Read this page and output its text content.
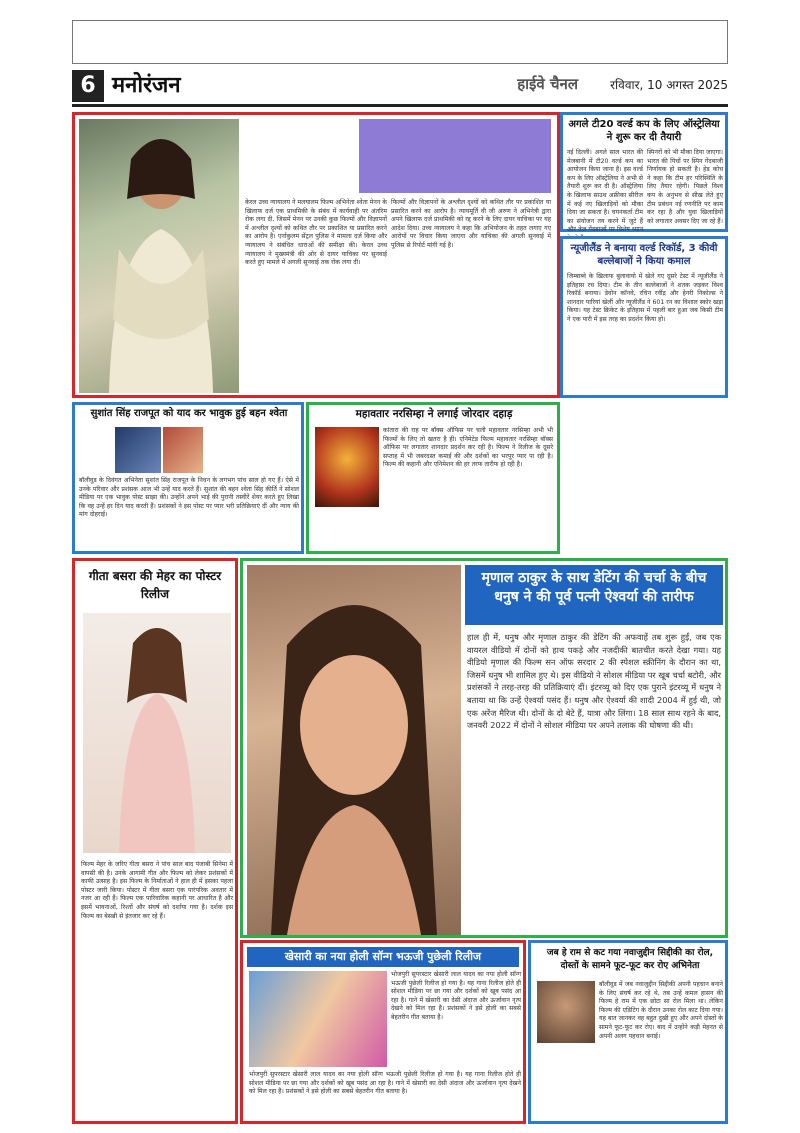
6 मनोरंजन	हाईवे चैनल	रविवार, 10 अगस्त 2025
केरल उच्च न्यायालय ने मलयालम फिल्म अभिनेता श्वेता मेनन के खिलाफ दर्ज एक प्राथमिकी के संबंध में कार्यवाही पर अंतरिम रोक लगा दी, जिसमें मेनन पर उनकी कुछ फिल्मों और विज्ञापनों में अश्लील दृश्यों को कथित तौर पर प्रकाशित या प्रसारित करने का आरोप है। एर्नाकुलम सेंट्रल पुलिस ने मामला दर्ज किया और न्यायालय ने संबंधित धाराओं की समीक्षा की। केरल उच्च न्यायालय ने मुख्यमंत्री की ओर से दायर याचिका पर सुनवाई करते हुए मामले में अगली सुनवाई तक रोक लगा दी।
फिल्मों और विज्ञापनों के अश्लील दृश्यों को कथित तौर पर प्रकाशित या प्रसारित करने का आरोप है। न्यायमूर्ति वी जी अरुण ने अभिनेत्री द्वारा अपने खिलाफ दर्ज प्राथमिकी को रद्द करने के लिए दायर याचिका पर यह आदेश दिया। उच्च न्यायालय ने कहा कि अभियोजन के तहत लगाए गए आरोपों पर विचार किया जाएगा और याचिका की अगली सुनवाई में पुलिस से रिपोर्ट मांगी गई है।
अगले टी20 वर्ल्ड कप के लिए ऑस्ट्रेलिया ने शुरू कर दी तैयारी
नई दिल्ली। अगले साल भारत की मेजबानी में टी20 वर्ल्ड कप का आयोजन किया जाना है। इस वर्ल्ड कप के लिए ऑस्ट्रेलिया ने अभी से तैयारी शुरू कर दी है। ऑस्ट्रेलिया के खिलाफ साउथ अफ्रीका सीरीज में कई नए खिलाड़ियों को मौका दिया जा सकता है। चयनकर्ता टीम का संयोजन तय करने में जुटे हैं और तेज गेंदबाजों पर विशेष ध्यान
स्पिनरों को भी मौका दिया जाएगा। भारत की पिचों पर स्पिन गेंदबाजी निर्णायक हो सकती है। हेड कोच ने कहा कि टीम हर परिस्थिति के लिए तैयार रहेगी। पिछले विश्व कप के अनुभव से सीख लेते हुए टीम प्रबंधन नई रणनीति पर काम कर रहा है और युवा खिलाड़ियों को लगातार अवसर दिए जा रहे हैं।
न्यूजीलैंड ने बनाया वर्ल्ड रिकॉर्ड, 3 कीवी बल्लेबाजों ने किया कमाल
जिम्बाब्वे के खिलाफ बुलावायो में खेले गए दूसरे टेस्ट में न्यूजीलैंड ने इतिहास रच दिया। टीम के तीन बल्लेबाजों ने शतक जड़कर विश्व रिकॉर्ड बनाया। डेवोन कॉनवे, रचिन रवींद्र और हेनरी निकोल्स ने शानदार पारियां खेलीं और न्यूजीलैंड ने 601 रन का विशाल स्कोर खड़ा किया। यह टेस्ट क्रिकेट के इतिहास में पहली बार हुआ जब किसी टीम ने एक पारी में इस तरह का प्रदर्शन किया हो।
सुशांत सिंह राजपूत को याद कर भावुक हुई बहन श्वेता
बॉलीवुड के दिवंगत अभिनेता सुशांत सिंह राजपूत के निधन के लगभग पांच साल हो गए हैं। ऐसे में उनके परिवार और प्रशंसक आज भी उन्हें याद करते हैं। सुशांत की बहन श्वेता सिंह कीर्ति ने सोशल मीडिया पर एक भावुक पोस्ट साझा की। उन्होंने अपने भाई की पुरानी तस्वीरें शेयर करते हुए लिखा कि वह उन्हें हर दिन याद करती हैं। प्रशंसकों ने इस पोस्ट पर प्यार भरी प्रतिक्रियाएं दीं और न्याय की मांग दोहराई।
महावतार नरसिम्हा ने लगाई जोरदार दहाड़
कांतारा की राह पर बॉक्स ऑफिस पर चली महावतार नरसिम्हा अभी भी फिल्मों के लिए तो खतरा है ही। एनिमेटेड फिल्म महावतार नरसिम्हा बॉक्स ऑफिस पर लगातार शानदार प्रदर्शन कर रही है। फिल्म ने रिलीज के दूसरे सप्ताह में भी जबरदस्त कमाई की और दर्शकों का भरपूर प्यार पा रही है। फिल्म की कहानी और एनिमेशन की हर तरफ तारीफ हो रही है।
गीता बसरा की मेहर का पोस्टर रिलीज
फिल्म मेहर के जरिए गीता बसरा ने पांच साल बाद पंजाबी सिनेमा में वापसी की है। उनके आगामी गीत और फिल्म को लेकर प्रशंसकों में काफी उत्साह है। इस फिल्म के निर्माताओं ने हाल ही में इसका पहला पोस्टर जारी किया। पोस्टर में गीता बसरा एक पारंपरिक अवतार में नजर आ रही हैं। फिल्म एक पारिवारिक कहानी पर आधारित है और इसमें भावनाओं, रिश्तों और संघर्ष को दर्शाया गया है। दर्शक इस फिल्म का बेसब्री से इंतजार कर रहे हैं।
मृणाल ठाकुर के साथ डेटिंग की चर्चा के बीच धनुष ने की पूर्व पत्नी ऐश्वर्या की तारीफ
हाल ही में, धनुष और मृणाल ठाकुर की डेटिंग की अफवाहें तब शुरू हुईं, जब एक वायरल वीडियो में दोनों को हाथ पकड़े और नजदीकी बातचीत करते देखा गया। यह वीडियो मृणाल की फिल्म सन ऑफ सरदार 2 की स्पेशल स्क्रीनिंग के दौरान का था, जिसमें धनुष भी शामिल हुए थे। इस वीडियो ने सोशल मीडिया पर खूब चर्चा बटोरी, और प्रशंसकों ने तरह-तरह की प्रतिक्रियाएं दीं। इंटरव्यू को दिए एक पुराने इंटरव्यू में धनुष ने बताया था कि उन्हें ऐश्वर्या पसंद हैं। धनुष और ऐश्वर्या की शादी 2004 में हुई थी, जो एक अरेंज मैरिज थी। दोनों के दो बेटे हैं, यात्रा और लिंगा। 18 साल साथ रहने के बाद, जनवरी 2022 में दोनों ने सोशल मीडिया पर अपने तलाक की घोषणा की थी।
खेसारी का नया होली सॉन्ग भऊजी पुछेली रिलीज
भोजपुरी सुपरस्टार खेसारी लाल यादव का नया होली सॉन्ग भऊजी पुछेली रिलीज हो गया है। यह गाना रिलीज होते ही सोशल मीडिया पर छा गया और दर्शकों को खूब पसंद आ रहा है। गाने में खेसारी का देसी अंदाज और ऊर्जावान नृत्य देखने को मिल रहा है। प्रशंसकों ने इसे होली का सबसे बेहतरीन गीत बताया है।
भोजपुरी सुपरस्टार खेसारी लाल यादव का नया होली सॉन्ग भऊजी पुछेली रिलीज हो गया है। यह गाना रिलीज होते ही सोशल मीडिया पर छा गया और दर्शकों को खूब पसंद आ रहा है। गाने में खेसारी का देसी अंदाज और ऊर्जावान नृत्य देखने को मिल रहा है। प्रशंसकों ने इसे होली का सबसे बेहतरीन गीत बताया है।
जब हे राम से कट गया नवाजुद्दीन सिद्दीकी का रोल, दोस्तों के सामने फूट-फूट कर रोए अभिनेता
बॉलीवुड में जब नवाजुद्दीन सिद्दीकी अपनी पहचान बनाने के लिए संघर्ष कर रहे थे, तब उन्हें कमल हासन की फिल्म हे राम में एक छोटा सा रोल मिला था। लेकिन फिल्म की एडिटिंग के दौरान उनका रोल काट दिया गया। यह बात जानकर वह बहुत दुखी हुए और अपने दोस्तों के सामने फूट-फूट कर रोए। बाद में उन्होंने कड़ी मेहनत से अपनी अलग पहचान बनाई।
